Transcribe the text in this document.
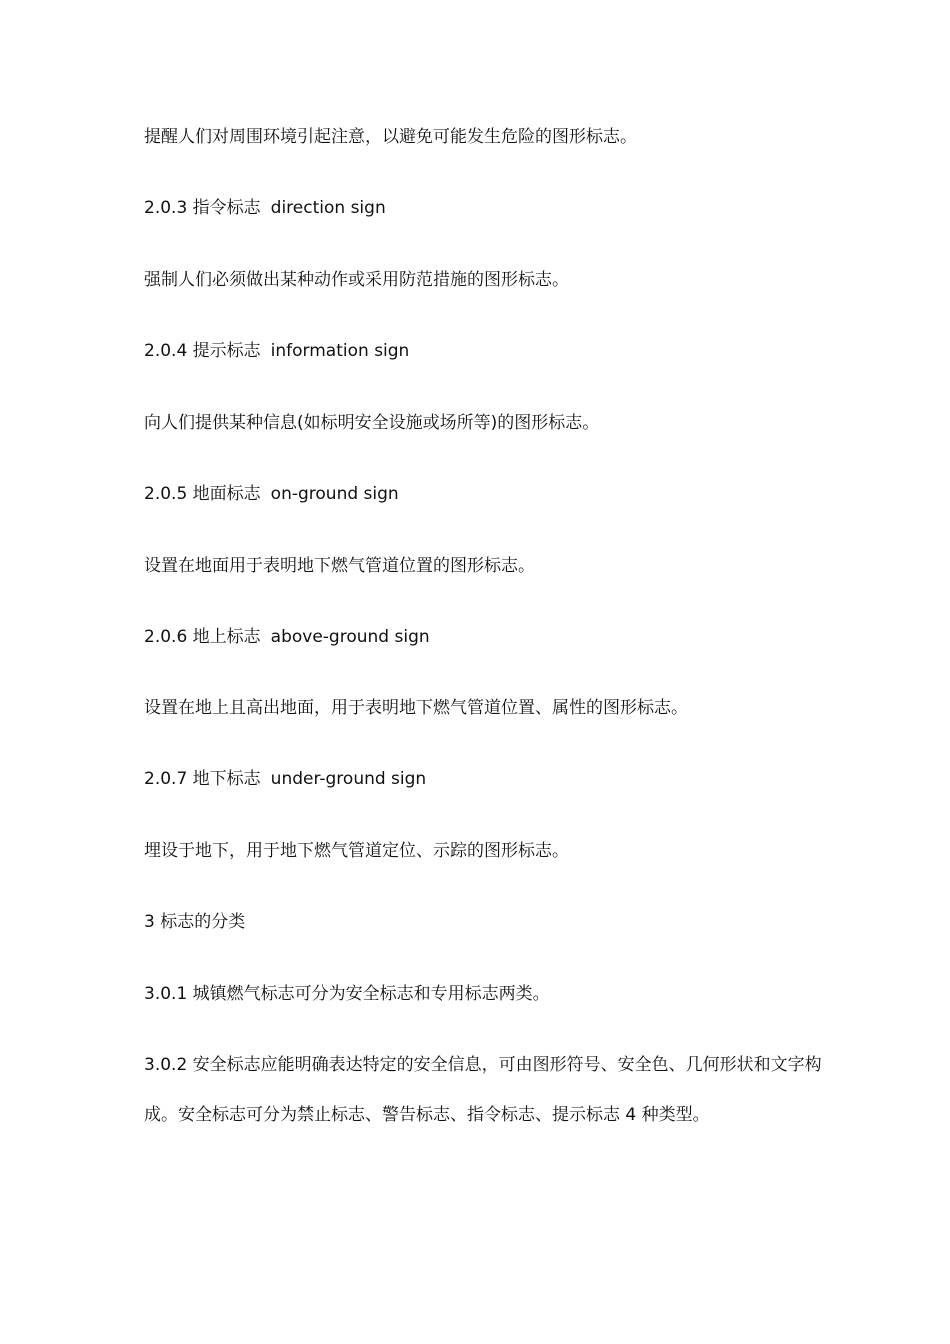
提醒人们对周围环境引起注意，以避免可能发生危险的图形标志。
2.0.3 指令标志 direction sign
强制人们必须做出某种动作或采用防范措施的图形标志。
2.0.4 提示标志 information sign
向人们提供某种信息(如标明安全设施或场所等)的图形标志。
2.0.5 地面标志 on-ground sign
设置在地面用于表明地下燃气管道位置的图形标志。
2.0.6 地上标志 above-ground sign
设置在地上且高出地面，用于表明地下燃气管道位置、属性的图形标志。
2.0.7 地下标志 under-ground sign
埋设于地下，用于地下燃气管道定位、示踪的图形标志。
3 标志的分类
3.0.1 城镇燃气标志可分为安全标志和专用标志两类。
3.0.2 安全标志应能明确表达特定的安全信息，可由图形符号、安全色、几何形状和文字构
成。安全标志可分为禁止标志、警告标志、指令标志、提示标志 4 种类型。
